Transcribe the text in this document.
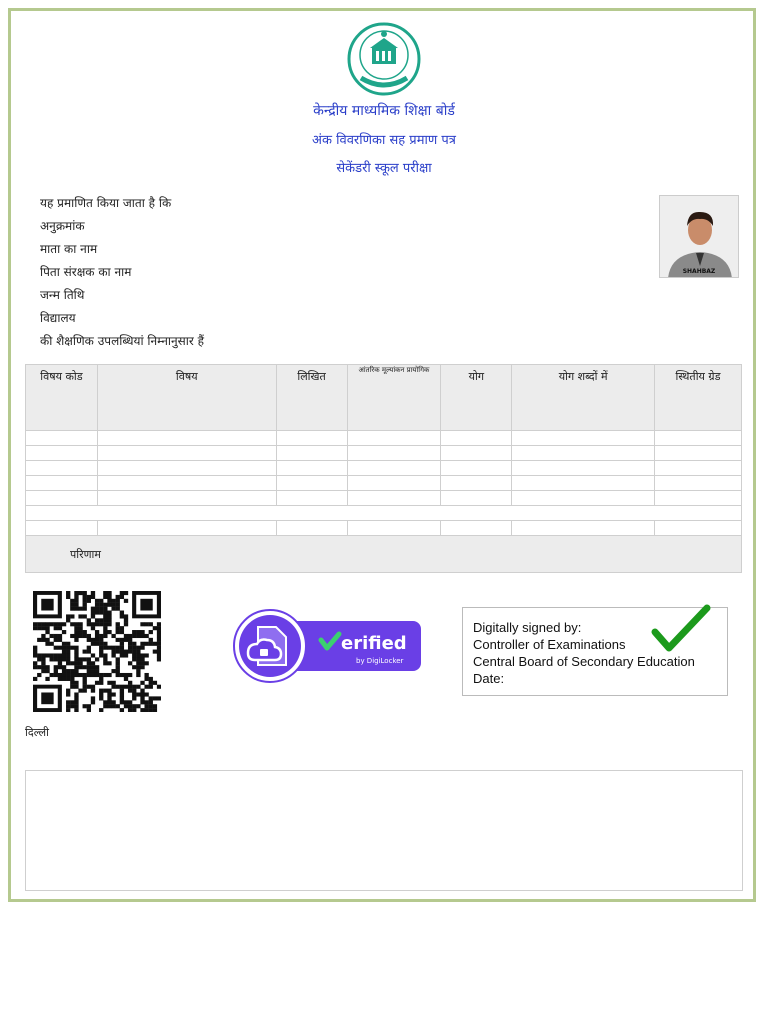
केन्द्रीय माध्यमिक शिक्षा बोर्ड
अंक विवरणिका सह प्रमाण पत्र
सेकेंडरी स्कूल परीक्षा
यह प्रमाणित किया जाता है कि
अनुक्रमांक
माता का नाम
पिता संरक्षक का नाम
जन्म तिथि
विद्यालय
की शैक्षणिक उपलब्धियां निम्नानुसार हैं
SHAHBAZ
विषय कोड	विषय	लिखित	आंतरिक मूल्यांकन प्रायोगिक	योग	योग शब्दों में	स्थितीय ग्रेड

परिणाम						
erified
by DigiLocker
Digitally signed by:
Controller of Examinations
Central Board of Secondary Education
Date:
दिल्ली
